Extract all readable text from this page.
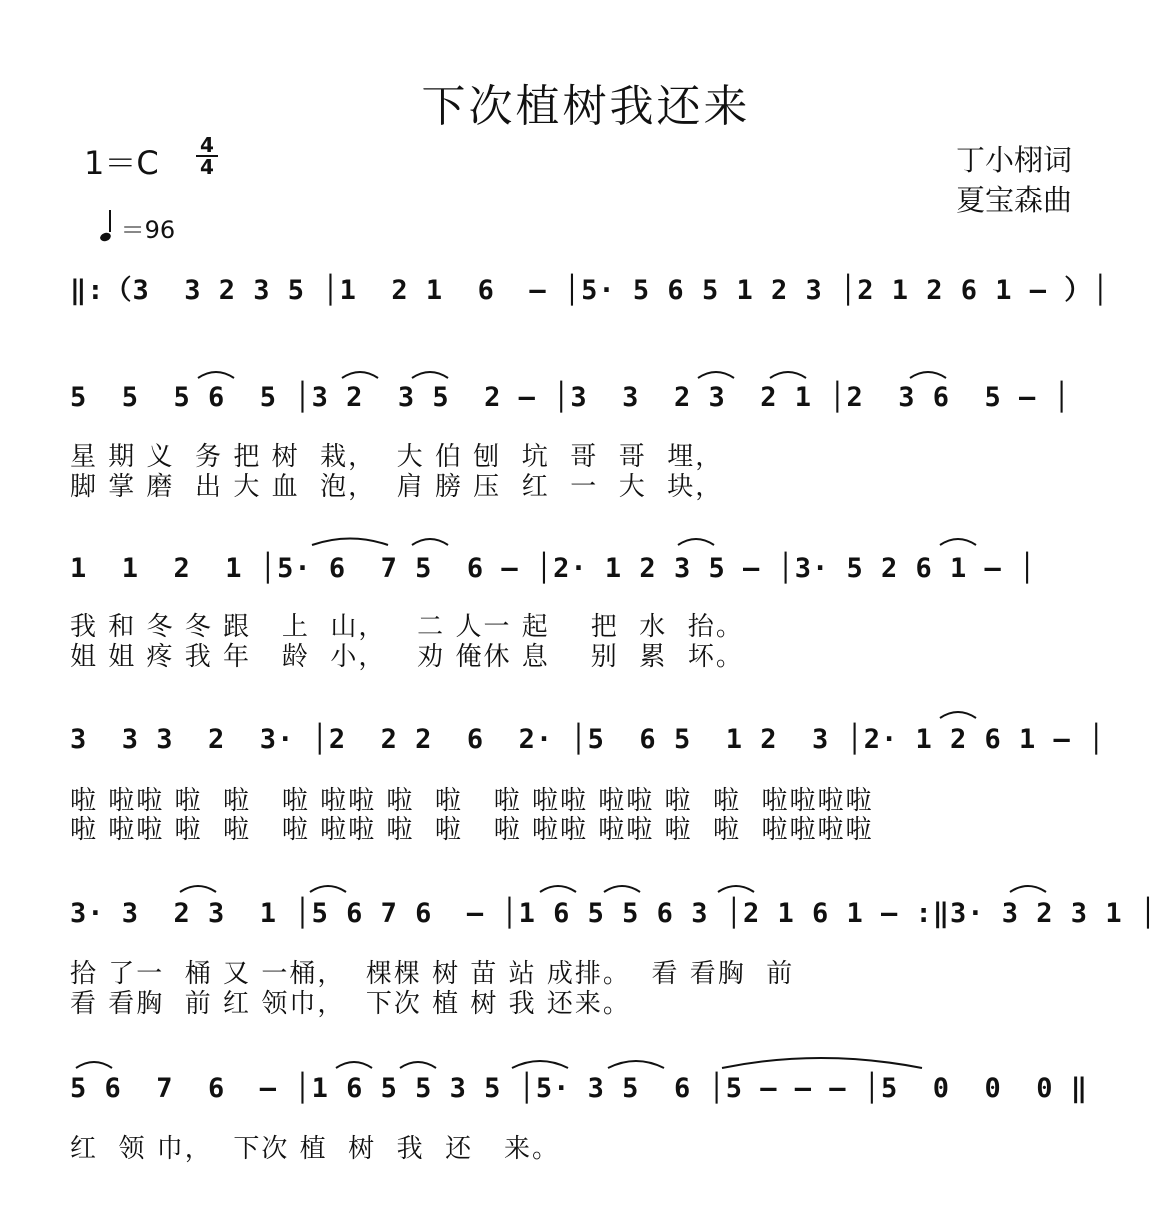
下次植树我还来
1＝C 4
4
＝96
丁小栩词
夏宝森曲
‖:（3  3 2 3 5 │1  2 1  6  — │5· 5 6 5 1 2 3 │2 1 2 6 1 — ）│
5  5  5 6  5 │3 2  3 5  2 — │3  3  2 3  2 1 │2  3 6  5 — │
星 期 义  务 把 树  栽，  大 伯 刨  坑  哥  哥  埋，
脚 掌 磨  出 大 血  泡，  肩 膀 压  红  一  大  块，
1  1  2  1 │5· 6  7 5  6 — │2· 1 2 3 5 — │3· 5 2 6 1 — │
我 和 冬 冬 跟   上  山，   二 人一 起    把  水  抬。
姐 姐 疼 我 年   龄  小，   劝 俺休 息    别  累  坏。
3  3 3  2  3· │2  2 2  6  2· │5  6 5  1 2  3 │2· 1 2 6 1 — │
啦 啦啦 啦  啦   啦 啦啦 啦  啦   啦 啦啦 啦啦 啦  啦  啦啦啦啦
啦 啦啦 啦  啦   啦 啦啦 啦  啦   啦 啦啦 啦啦 啦  啦  啦啦啦啦
3· 3  2 3  1 │5 6 7 6  — │1 6 5 5 6 3 │2 1 6 1 — :‖3· 3 2 3 1 │
拾 了一  桶 又 一桶，  棵棵 树 苗 站 成排。  看 看胸  前
看 看胸  前 红 领巾，  下次 植 树 我 还来。
5 6  7  6  — │1 6 5 5 3 5 │5· 3 5  6 │5 — — — │5  0  0  0 ‖
红  领 巾，  下次 植  树  我  还   来。
